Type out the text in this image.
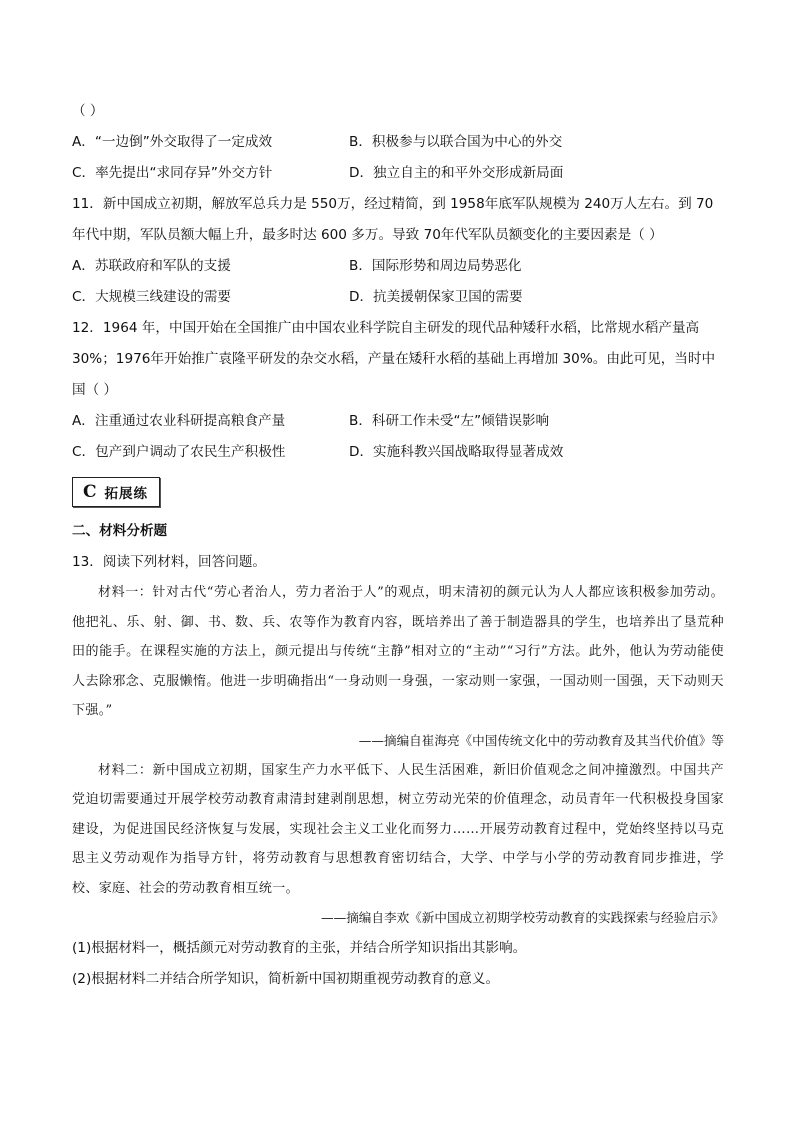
（ ）
A．“一边倒”外交取得了一定成效	B．积极参与以联合国为中心的外交
C．率先提出“求同存异”外交方针	D．独立自主的和平外交形成新局面
11．新中国成立初期，解放军总兵力是 550万，经过精简，到 1958年底军队规模为 240万人左右。到 70
年代中期，军队员额大幅上升，最多时达 600 多万。导致 70年代军队员额变化的主要因素是（ ）
A．苏联政府和军队的支援	B．国际形势和周边局势恶化
C．大规模三线建设的需要	D．抗美援朝保家卫国的需要
12．1964 年，中国开始在全国推广由中国农业科学院自主研发的现代品种矮秆水稻，比常规水稻产量高
30%；1976年开始推广袁隆平研发的杂交水稻，产量在矮秆水稻的基础上再增加 30%。由此可见，当时中
国（ ）
A．注重通过农业科研提高粮食产量	B．科研工作未受“左”倾错误影响
C．包产到户调动了农民生产积极性	D．实施科教兴国战略取得显著成效
C 拓展练
二、材料分析题
13．阅读下列材料，回答问题。

材料一：针对古代“劳心者治人，劳力者治于人”的观点，明末清初的颜元认为人人都应该积极参加劳动。他把礼、乐、射、御、书、数、兵、农等作为教育内容，既培养出了善于制造器具的学生，也培养出了垦荒种田的能手。在课程实施的方法上，颜元提出与传统“主静”相对立的“主动”“习行”方法。此外，他认为劳动能使人去除邪念、克服懒惰。他进一步明确指出“一身动则一身强，一家动则一家强，一国动则一国强，天下动则天下强。”

——摘编自崔海亮《中国传统文化中的劳动教育及其当代价值》等

材料二：新中国成立初期，国家生产力水平低下、人民生活困难，新旧价值观念之间冲撞激烈。中国共产党迫切需要通过开展学校劳动教育肃清封建剥削思想，树立劳动光荣的价值理念，动员青年一代积极投身国家建设，为促进国民经济恢复与发展，实现社会主义工业化而努力……开展劳动教育过程中，党始终坚持以马克思主义劳动观作为指导方针，将劳动教育与思想教育密切结合，大学、中学与小学的劳动教育同步推进，学校、家庭、社会的劳动教育相互统一。

——摘编自李欢《新中国成立初期学校劳动教育的实践探索与经验启示》
(1)根据材料一，概括颜元对劳动教育的主张，并结合所学知识指出其影响。
(2)根据材料二并结合所学知识，简析新中国初期重视劳动教育的意义。
